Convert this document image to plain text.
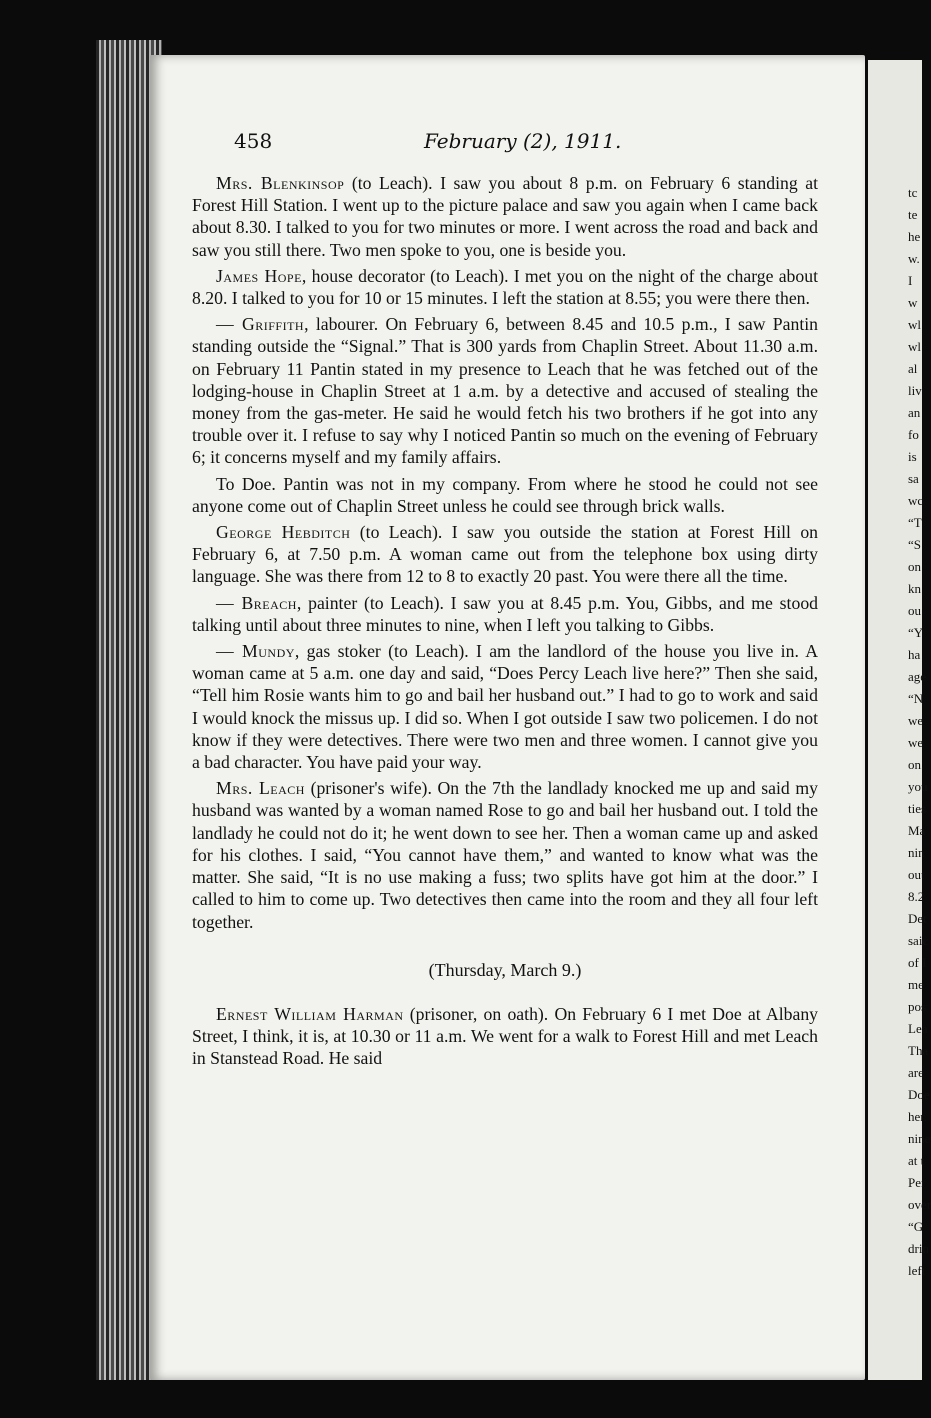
tc
te
he
w.
I
w
wl
wl
al
liv
an
fo
is
sa
wc
“T
“S
on
kn
ou
“Y
ha
age
“N
we
we
on.
you
ties
Ma
nin
out
8.2
Det
saic
of I
me
pos
Lea
Tha
are
Doe
her.
nine
at t
Per
over
“G
drin
left
458	February (2), 1911.

Mrs. Blenkinsop (to Leach). I saw you about 8 p.m. on February 6 standing at Forest Hill Station. I went up to the picture palace and saw you again when I came back about 8.30. I talked to you for two minutes or more. I went across the road and back and saw you still there. Two men spoke to you, one is beside you.

James Hope, house decorator (to Leach). I met you on the night of the charge about 8.20. I talked to you for 10 or 15 minutes. I left the station at 8.55; you were there then.

— Griffith, labourer. On February 6, between 8.45 and 10.5 p.m., I saw Pantin standing outside the “Signal.” That is 300 yards from Chaplin Street. About 11.30 a.m. on February 11 Pantin stated in my presence to Leach that he was fetched out of the lodging-house in Chaplin Street at 1 a.m. by a detective and accused of stealing the money from the gas-meter. He said he would fetch his two brothers if he got into any trouble over it. I refuse to say why I noticed Pantin so much on the evening of February 6; it concerns myself and my family affairs.

To Doe. Pantin was not in my company. From where he stood he could not see anyone come out of Chaplin Street unless he could see through brick walls.

George Hebditch (to Leach). I saw you outside the station at Forest Hill on February 6, at 7.50 p.m. A woman came out from the telephone box using dirty language. She was there from 12 to 8 to exactly 20 past. You were there all the time.

— Breach, painter (to Leach). I saw you at 8.45 p.m. You, Gibbs, and me stood talking until about three minutes to nine, when I left you talking to Gibbs.

— Mundy, gas stoker (to Leach). I am the landlord of the house you live in. A woman came at 5 a.m. one day and said, “Does Percy Leach live here?” Then she said, “Tell him Rosie wants him to go and bail her husband out.” I had to go to work and said I would knock the missus up. I did so. When I got outside I saw two policemen. I do not know if they were detectives. There were two men and three women. I cannot give you a bad character. You have paid your way.

Mrs. Leach (prisoner's wife). On the 7th the landlady knocked me up and said my husband was wanted by a woman named Rose to go and bail her husband out. I told the landlady he could not do it; he went down to see her. Then a woman came up and asked for his clothes. I said, “You cannot have them,” and wanted to know what was the matter. She said, “It is no use making a fuss; two splits have got him at the door.” I called to him to come up. Two detectives then came into the room and they all four left together.

(Thursday, March 9.)

Ernest William Harman (prisoner, on oath). On February 6 I met Doe at Albany Street, I think, it is, at 10.30 or 11 a.m. We went for a walk to Forest Hill and met Leach in Stanstead Road. He said
